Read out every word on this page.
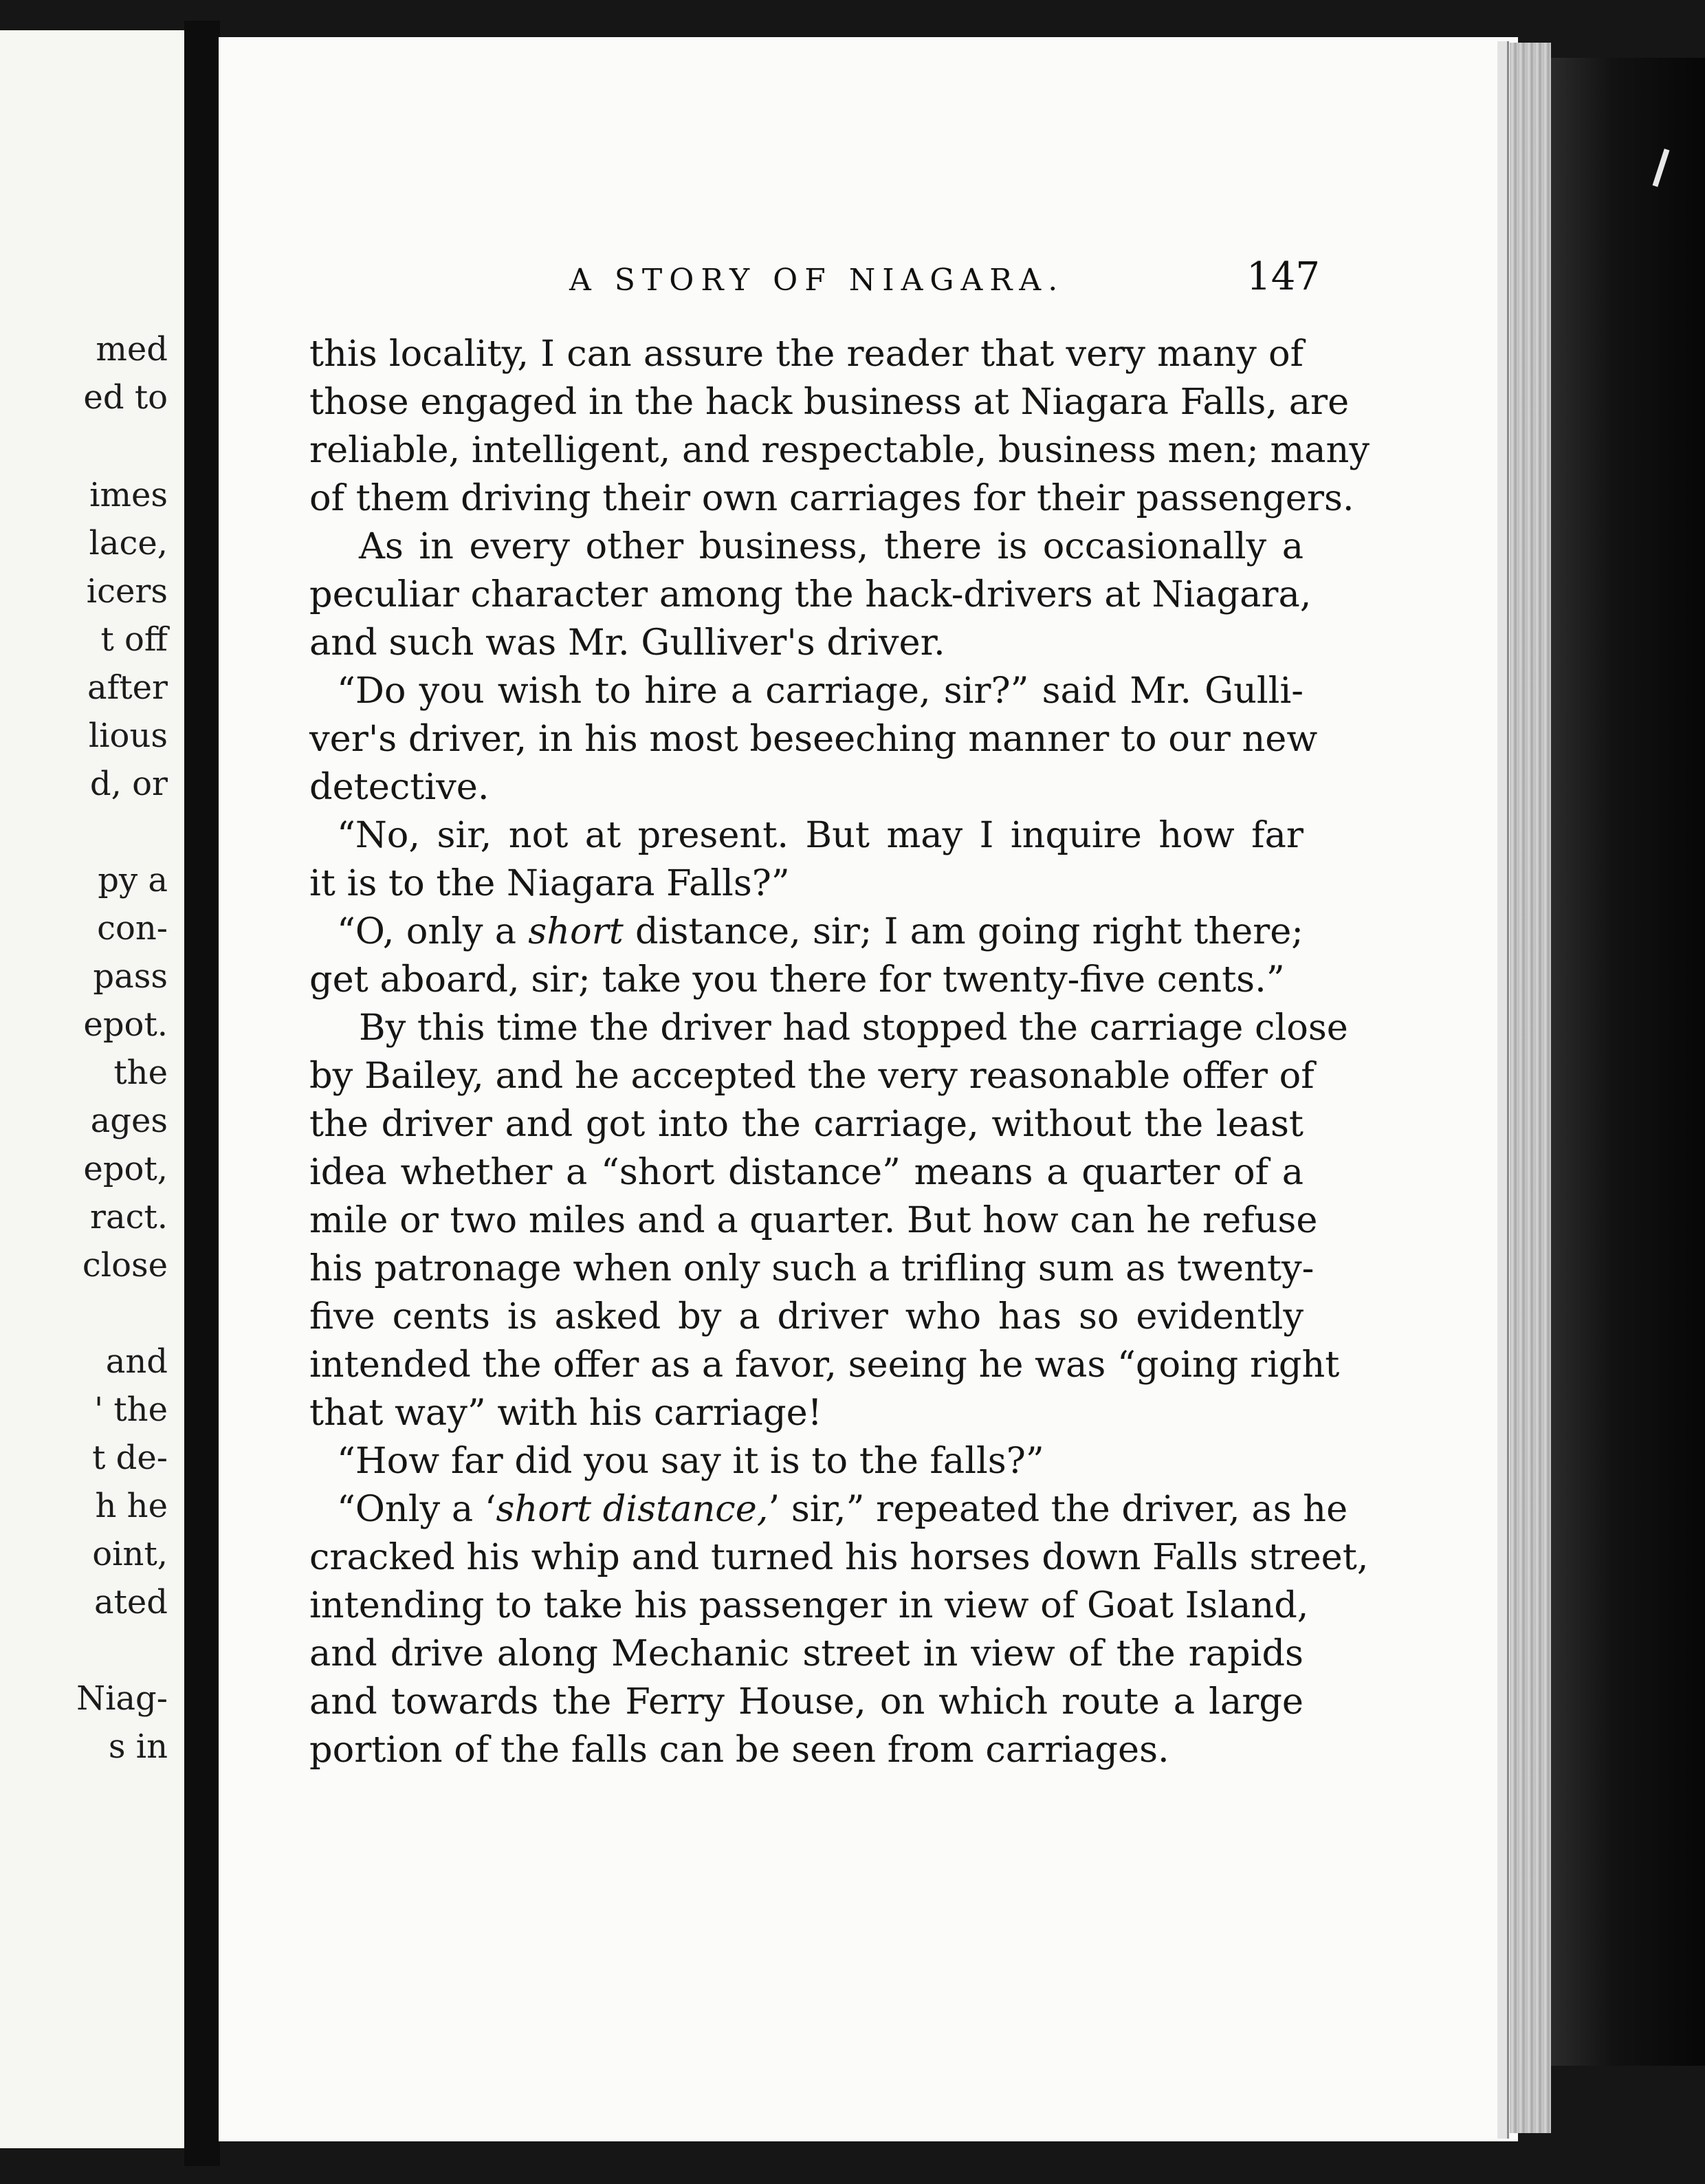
med
ed to
imes
lace,
icers
t off
after
lious
d, or
py a
con-
pass
epot.
the
ages
epot,
ract.
close
and
' the
t de-
h he
oint,
ated
Niag-
s in
A STORY OF NIAGARA.	147
this locality, I can assure the reader that very many of
those engaged in the hack business at Niagara Falls, are
reliable, intelligent, and respectable, business men; many
of them driving their own carriages for their passengers.
As in every other business, there is occasionally a
peculiar character among the hack-drivers at Niagara,
and such was Mr. Gulliver's driver.
“Do you wish to hire a carriage, sir?” said Mr. Gulli-
ver's driver, in his most beseeching manner to our new
detective.
“No, sir, not at present. But may I inquire how far
it is to the Niagara Falls?”
“O, only a short distance, sir; I am going right there;
get aboard, sir; take you there for twenty-five cents.”
By this time the driver had stopped the carriage close
by Bailey, and he accepted the very reasonable offer of
the driver and got into the carriage, without the least
idea whether a “short distance” means a quarter of a
mile or two miles and a quarter. But how can he refuse
his patronage when only such a trifling sum as twenty-
five cents is asked by a driver who has so evidently
intended the offer as a favor, seeing he was “going right
that way” with his carriage!
“How far did you say it is to the falls?”
“Only a ‘short distance,’ sir,” repeated the driver, as he
cracked his whip and turned his horses down Falls street,
intending to take his passenger in view of Goat Island,
and drive along Mechanic street in view of the rapids
and towards the Ferry House, on which route a large
portion of the falls can be seen from carriages.
